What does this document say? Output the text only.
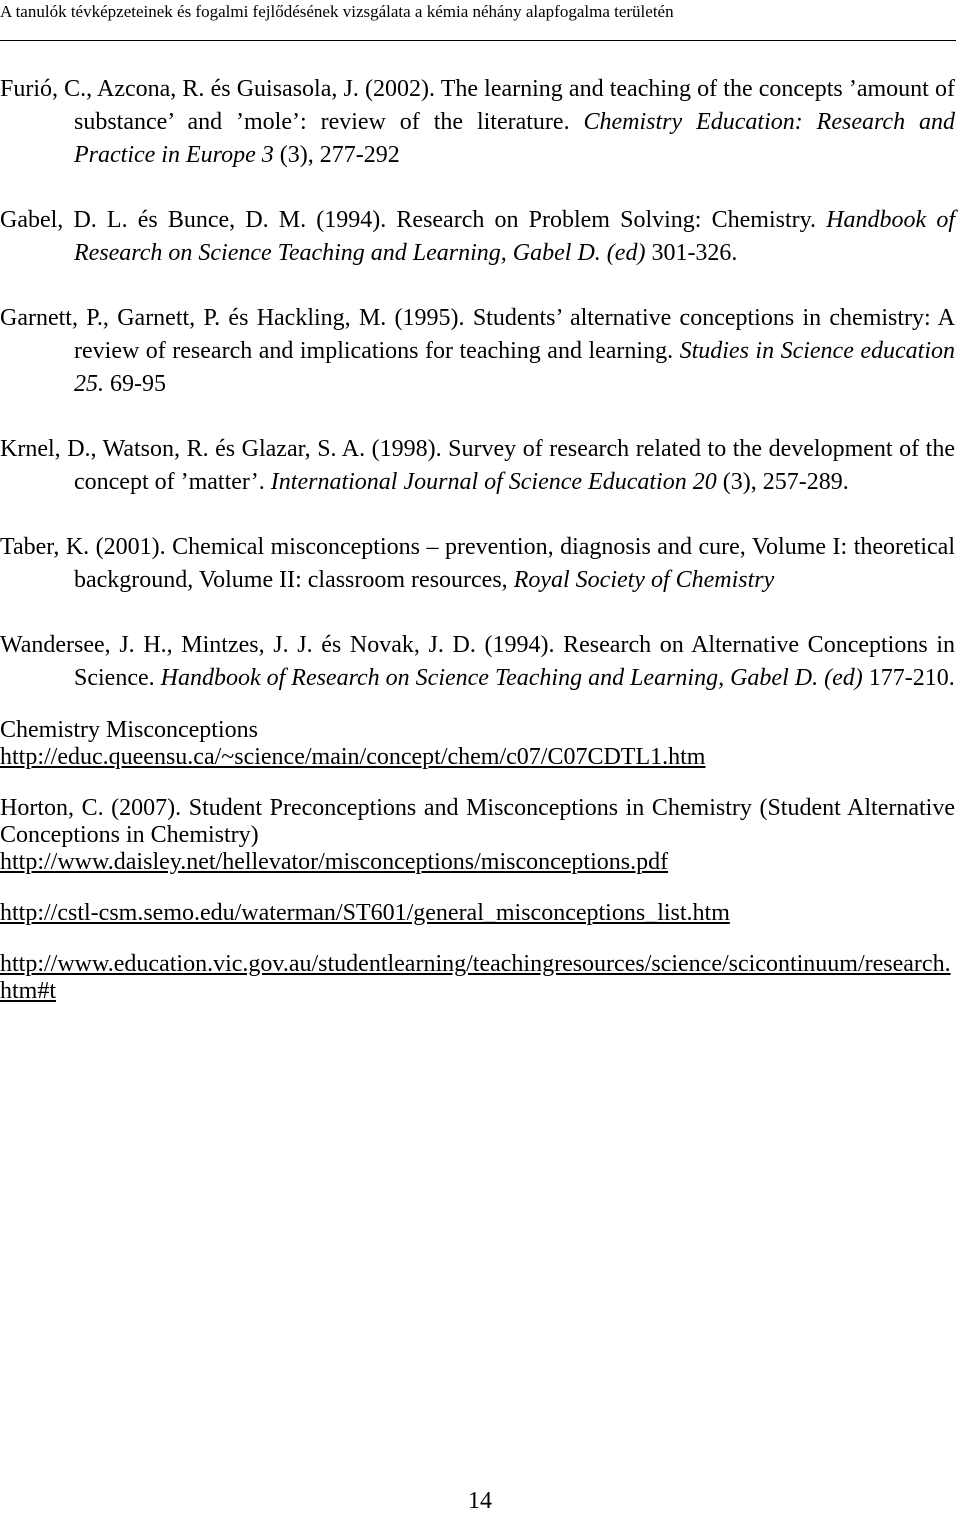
A tanulók tévképzeteinek és fogalmi fejlődésének vizsgálata a kémia néhány alapfogalma területén

Furió, C., Azcona, R. és Guisasola, J. (2002). The learning and teaching of the concepts ’amount of substance’ and ’mole’: review of the literature. Chemistry Education: Research and Practice in Europe 3 (3), 277-292

Gabel, D. L. és Bunce, D. M. (1994). Research on Problem Solving: Chemistry. Handbook of Research on Science Teaching and Learning, Gabel D. (ed) 301-326.

Garnett, P., Garnett, P. és Hackling, M. (1995). Students’ alternative conceptions in chemistry: A review of research and implications for teaching and learning. Studies in Science education 25. 69-95

Krnel, D., Watson, R. és Glazar, S. A. (1998). Survey of research related to the development of the concept of ’matter’. International Journal of Science Education 20 (3), 257-289.

Taber, K. (2001). Chemical misconceptions – prevention, diagnosis and cure, Volume I: theoretical background, Volume II: classroom resources, Royal Society of Chemistry

Wandersee, J. H., Mintzes, J. J. és Novak, J. D. (1994). Research on Alternative Conceptions in Science. Handbook of Research on Science Teaching and Learning, Gabel D. (ed) 177-210.

Chemistry Misconceptions
http://educ.queensu.ca/~science/main/concept/chem/c07/C07CDTL1.htm
Horton, C. (2007). Student Preconceptions and Misconceptions in Chemistry (Student Alternative Conceptions in Chemistry)
http://www.daisley.net/hellevator/misconceptions/misconceptions.pdf
http://cstl-csm.semo.edu/waterman/ST601/general_misconceptions_list.htm
http://www.education.vic.gov.au/studentlearning/teachingresources/science/scicontinuum/research.htm#t
14
